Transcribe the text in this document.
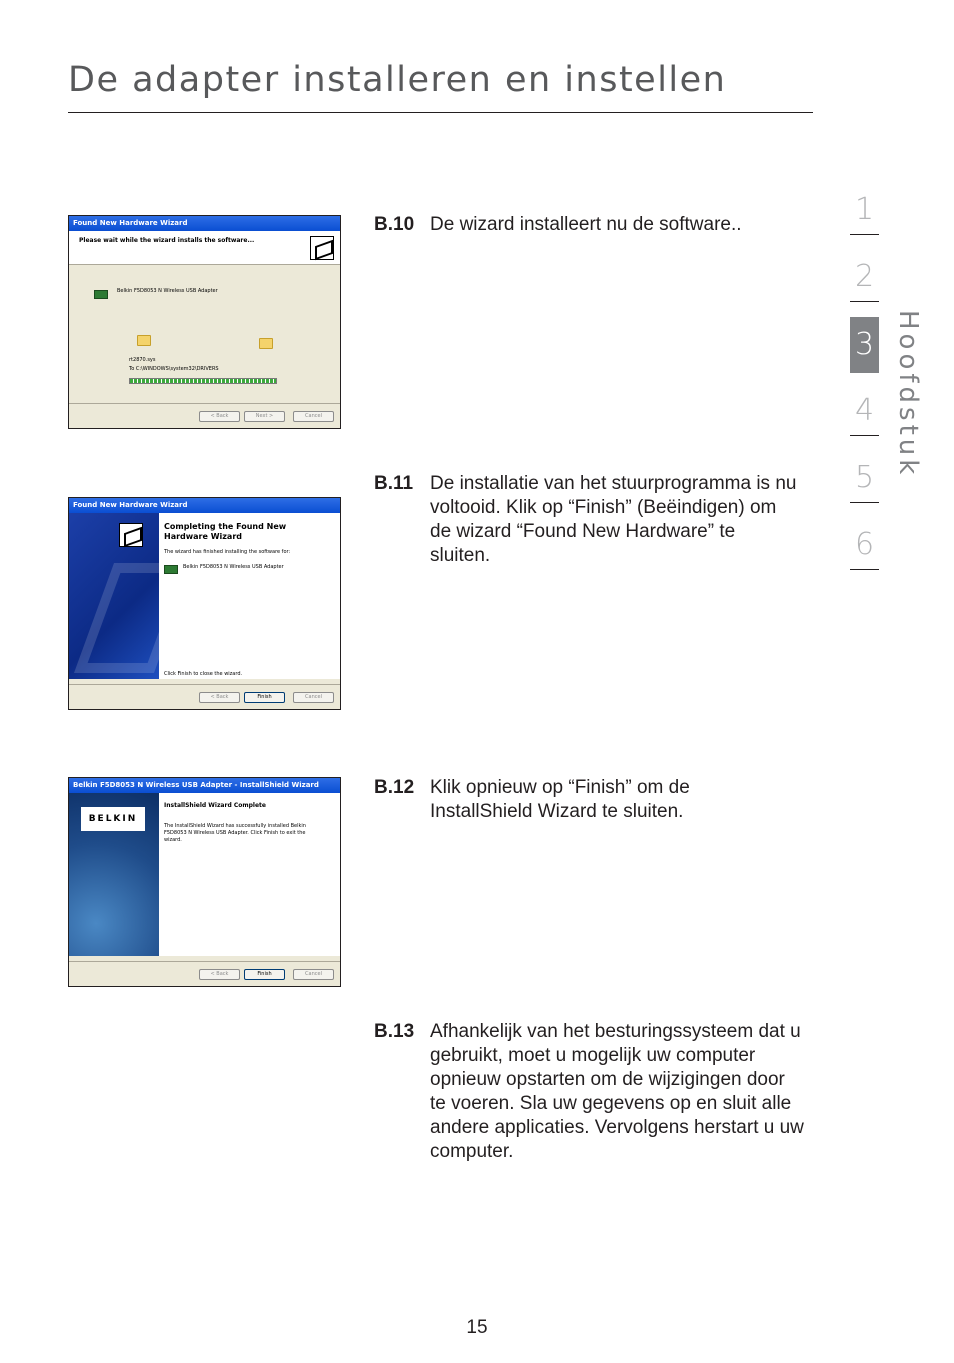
De adapter installeren en instellen
1
2
3
4
5
6
Hoofdstuk
Found New Hardware Wizard
Please wait while the wizard installs the software...
Belkin F5D8053 N Wireless USB Adapter
rt2870.sys
To C:\WINDOWS\system32\DRIVERS
< Back	Next >	Cancel
Found New Hardware Wizard
Completing the Found New Hardware Wizard
The wizard has finished installing the software for:
Belkin F5D8053 N Wireless USB Adapter
Click Finish to close the wizard.
< Back	Finish	Cancel
Belkin F5D8053 N Wireless USB Adapter - InstallShield Wizard
BELKIN
InstallShield Wizard Complete
The InstallShield Wizard has successfully installed Belkin F5D8053 N Wireless USB Adapter. Click Finish to exit the wizard.
< Back	Finish	Cancel
B.10 De wizard installeert nu de software..
B.11 De installatie van het stuurprogramma is nu voltooid. Klik op “Finish” (Beëindigen) om de wizard “Found New Hardware” te sluiten.
B.12 Klik opnieuw op “Finish” om de InstallShield Wizard te sluiten.
B.13 Afhankelijk van het besturingssysteem dat u gebruikt, moet u mogelijk uw computer opnieuw opstarten om de wijzigingen door te voeren. Sla uw gegevens op en sluit alle andere applicaties. Vervolgens herstart u uw computer.
15
